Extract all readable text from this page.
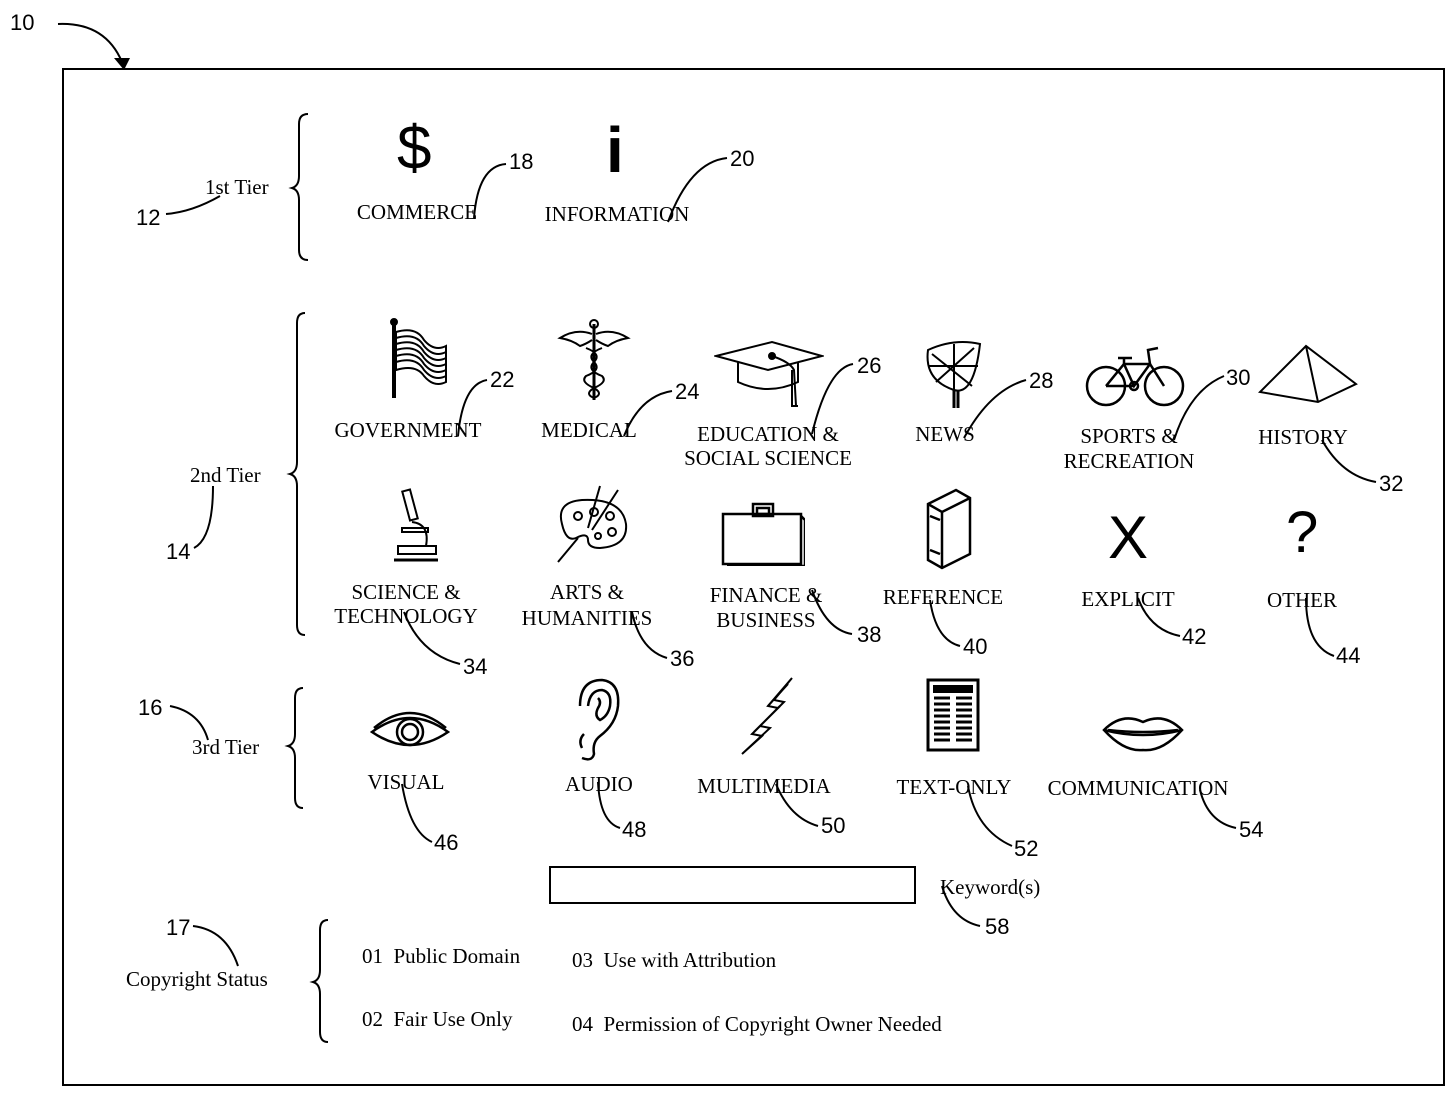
10
1st Tier
12
2nd Tier
14
3rd Tier
16
Copyright Status
17
$
COMMERCE
18 i
INFORMATION
20
GOVERNMENT
22
MEDICAL
24
EDUCATION &
SOCIAL SCIENCE
26
NEWS
28
SPORTS &
RECREATION
30
HISTORY
32
SCIENCE &
TECHNOLOGY
34
ARTS &
HUMANITIES
36
FINANCE &
BUSINESS
38
REFERENCE
40
X
EXPLICIT
42
?
OTHER
44
VISUAL
46
AUDIO
48
MULTIMEDIA
50
TEXT-ONLY
52
COMMUNICATION
54
Keyword(s)
58
01 Public Domain
02 Fair Use Only
03 Use with Attribution
04 Permission of Copyright Owner Needed
